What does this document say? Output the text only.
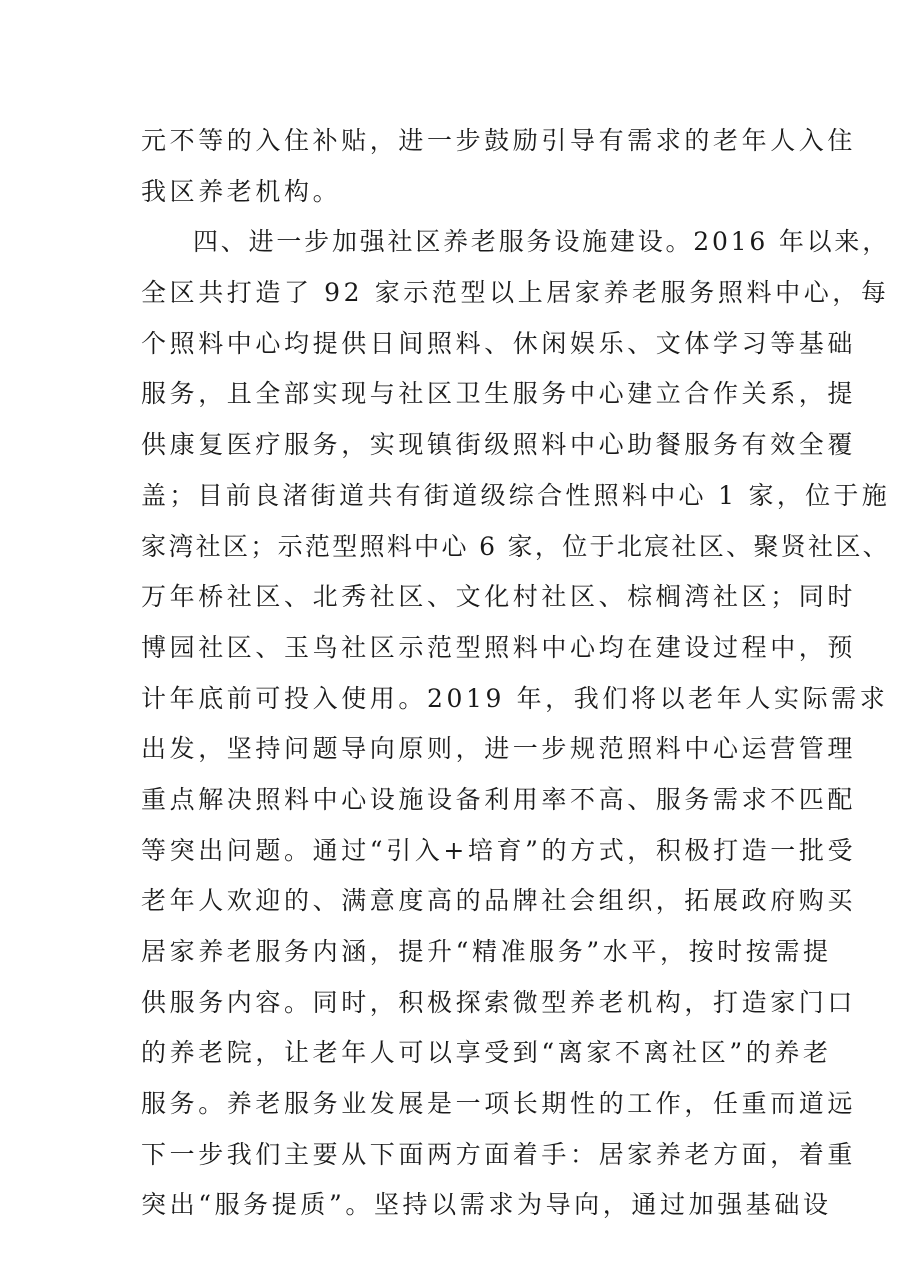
元不等的入住补贴，进一步鼓励引导有需求的老年人入住
我区养老机构。
四、进一步加强社区养老服务设施建设。2016 年以来，
全区共打造了 92 家示范型以上居家养老服务照料中心，每
个照料中心均提供日间照料、休闲娱乐、文体学习等基础
服务，且全部实现与社区卫生服务中心建立合作关系，提
供康复医疗服务，实现镇街级照料中心助餐服务有效全覆
盖；目前良渚街道共有街道级综合性照料中心 1 家，位于施
家湾社区；示范型照料中心 6 家，位于北宸社区、聚贤社区、
万年桥社区、北秀社区、文化村社区、棕榈湾社区；同时
博园社区、玉鸟社区示范型照料中心均在建设过程中，预
计年底前可投入使用。2019 年，我们将以老年人实际需求
出发，坚持问题导向原则，进一步规范照料中心运营管理
重点解决照料中心设施设备利用率不高、服务需求不匹配
等突出问题。通过“引入+培育”的方式，积极打造一批受
老年人欢迎的、满意度高的品牌社会组织，拓展政府购买
居家养老服务内涵，提升“精准服务”水平，按时按需提
供服务内容。同时，积极探索微型养老机构，打造家门口
的养老院，让老年人可以享受到“离家不离社区”的养老
服务。养老服务业发展是一项长期性的工作，任重而道远
下一步我们主要从下面两方面着手：居家养老方面，着重
突出“服务提质”。坚持以需求为导向，通过加强基础设
